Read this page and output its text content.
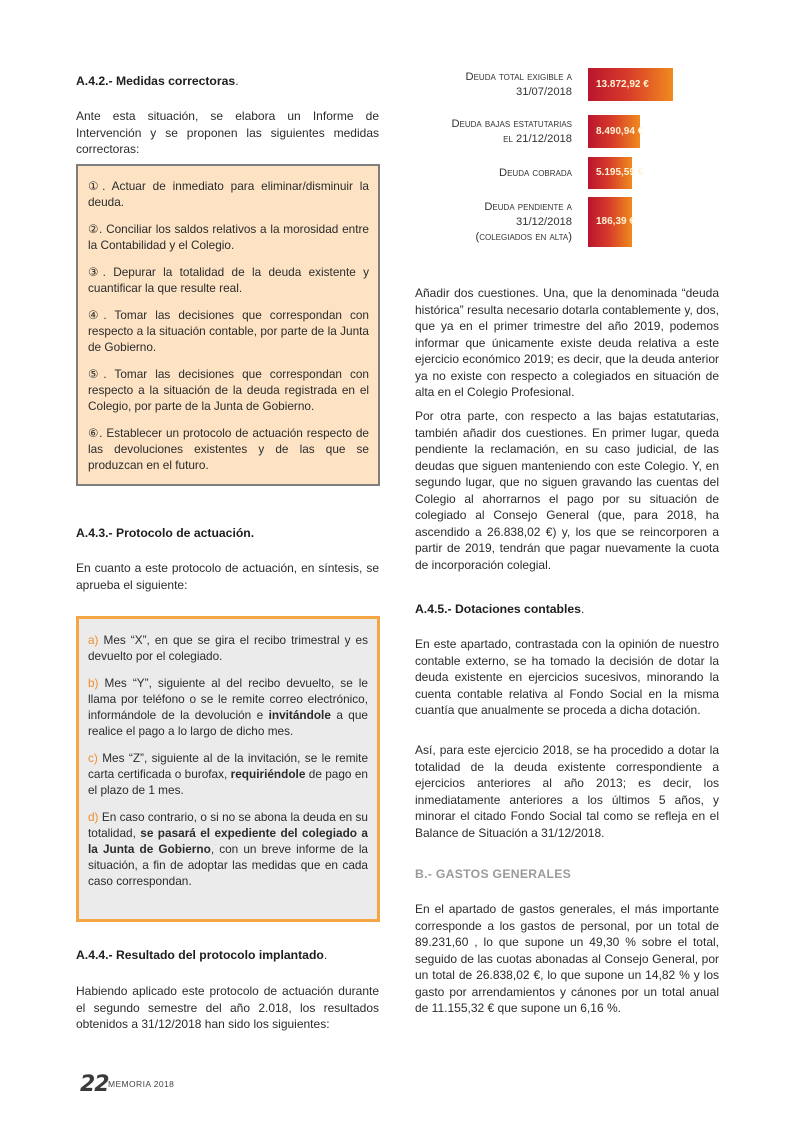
A.4.2.- Medidas correctoras.

Ante esta situación, se elabora un Informe de Intervención y se proponen las siguientes medidas correctoras:

①. Actuar de inmediato para eliminar/disminuir la deuda.

②. Conciliar los saldos relativos a la morosidad entre la Contabilidad y el Colegio.

③. Depurar la totalidad de la deuda existente y cuantificar la que resulte real.

④. Tomar las decisiones que correspondan con respecto a la situación contable, por parte de la Junta de Gobierno.

⑤. Tomar las decisiones que correspondan con respecto a la situación de la deuda registrada en el Colegio, por parte de la Junta de Gobierno.

⑥. Establecer un protocolo de actuación respecto de las devoluciones existentes y de las que se produzcan en el futuro.

A.4.3.- Protocolo de actuación.

En cuanto a este protocolo de actuación, en síntesis, se aprueba el siguiente:

a) Mes “X”, en que se gira el recibo trimestral y es devuelto por el colegiado.

b) Mes “Y”, siguiente al del recibo devuelto, se le llama por teléfono o se le remite correo electrónico, informándole de la devolución e invitándole a que realice el pago a lo largo de dicho mes.

c) Mes “Z”, siguiente al de la invitación, se le remite carta certificada o burofax, requiriéndole de pago en el plazo de 1 mes.

d) En caso contrario, o si no se abona la deuda en su totalidad, se pasará el expediente del colegiado a la Junta de Gobierno, con un breve informe de la situación, a fin de adoptar las medidas que en cada caso correspondan.

A.4.4.- Resultado del protocolo implantado.

Habiendo aplicado este protocolo de actuación durante el segundo semestre del año 2.018, los resultados obtenidos a 31/12/2018 han sido los siguientes:

13.872,92 €
Deuda total exigible a
31/07/2018
8.490,94 €
Deuda bajas estatutarias
el 21/12/2018
5.195,59 €
Deuda cobrada
186,39 €
Deuda pendiente a
31/12/2018
(colegiados en alta)

Añadir dos cuestiones. Una, que la denominada “deuda histórica” resulta necesario dotarla contablemente y, dos, que ya en el primer trimestre del año 2019, podemos informar que únicamente existe deuda relativa a este ejercicio económico 2019; es decir, que la deuda anterior ya no existe con respecto a colegiados en situación de alta en el Colegio Profesional.

Por otra parte, con respecto a las bajas estatutarias, también añadir dos cuestiones. En primer lugar, queda pendiente la reclamación, en su caso judicial, de las deudas que siguen manteniendo con este Colegio. Y, en segundo lugar, que no siguen gravando las cuentas del Colegio al ahorrarnos el pago por su situación de colegiado al Consejo General (que, para 2018, ha ascendido a 26.838,02 €) y, los que se reincorporen a partir de 2019, tendrán que pagar nuevamente la cuota de incorporación colegial.

A.4.5.- Dotaciones contables.

En este apartado, contrastada con la opinión de nuestro contable externo, se ha tomado la decisión de dotar la deuda existente en ejercicios sucesivos, minorando la cuenta contable relativa al Fondo Social en la misma cuantía que anualmente se proceda a dicha dotación.

Así, para este ejercicio 2018, se ha procedido a dotar la totalidad de la deuda existente correspondiente a ejercicios anteriores al año 2013; es decir, los inmediatamente anteriores a los últimos 5 años, y minorar el citado Fondo Social tal como se refleja en el Balance de Situación a 31/12/2018.

B.- GASTOS GENERALES

En el apartado de gastos generales, el más importante corresponde a los gastos de personal, por un total de 89.231,60 , lo que supone un 49,30 % sobre el total, seguido de las cuotas abonadas al Consejo General, por un total de 26.838,02 €, lo que supone un 14,82 % y los gasto por arrendamientos y cánones por un total anual de 11.155,32 € que supone un 6,16 %.

22 MEMORIA 2018
